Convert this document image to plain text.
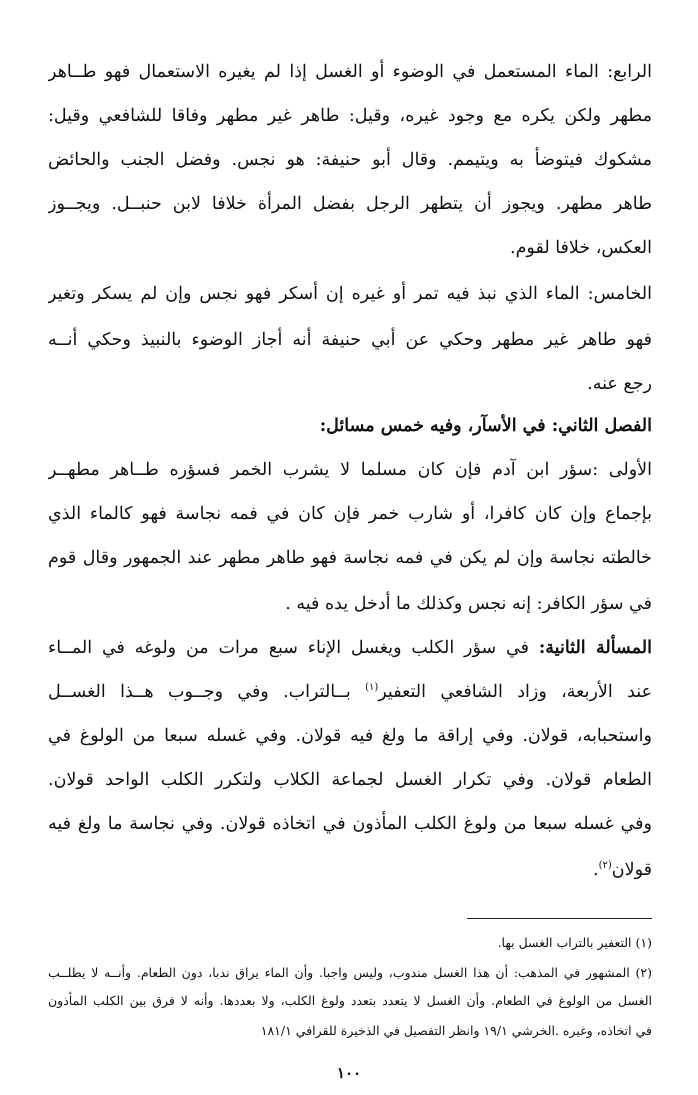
الرابع: الماء المستعمل في الوضوء أو الغسل إذا لم يغيره الاستعمال فهو طــاهر
مطهر ولكن يكره مع وجود غيره، وقيل: طاهر غير مطهر وفاقا للشافعي وقيل:
مشكوك فيتوضأ به ويتيمم. وقال أبو حنيفة: هو نجس. وفضل الجنب والحائض
طاهر مطهر. ويجوز أن يتطهر الرجل بفضل المرأة خلافا لابن حنبــل. ويجــوز
العكس، خلافا لقوم.
الخامس: الماء الذي نبذ فيه تمر أو غيره إن أسكر فهو نجس وإن لم يسكر وتغير
فهو طاهر غير مطهر وحكي عن أبي حنيفة أنه أجاز الوضوء بالنبيذ وحكي أنــه
رجع عنه.
الفصل الثاني: في الأسآر، وفيه خمس مسائل:
الأولى :سؤر ابن آدم فإن كان مسلما لا يشرب الخمر فسؤره طــاهر مطهــر
بإجماع وإن كان كافرا، أو شارب خمر فإن كان في فمه نجاسة فهو كالماء الذي
خالطته نجاسة وإن لم يكن في فمه نجاسة فهو طاهر مطهر عند الجمهور وقال قوم
في سؤر الكافر: إنه نجس وكذلك ما أدخل يده فيه .
المسألة الثانية: في سؤر الكلب ويغسل الإناء سبع مرات من ولوغه في المــاء
عند الأربعة، وزاد الشافعي التعفير$^{(١)}$ بــالتراب. وفي وجــوب هــذا الغســل
واستحبابه، قولان. وفي إراقة ما ولغ فيه قولان. وفي غسله سبعا من الولوغ في
الطعام قولان. وفي تكرار الغسل لجماعة الكلاب ولتكرر الكلب الواحد قولان.
وفي غسله سبعا من ولوغ الكلب المأذون في اتخاذه قولان. وفي نجاسة ما ولغ فيه
قولان$^{(٢)}$.
(١) التعفير بالتراب الغسل بها.
(٢) المشهور في المذهب: أن هذا الغسل مندوب، وليس واجبا. وأن الماء يراق ندبا، دون الطعام. وأنــه لا يطلــب
الغسل من الولوغ في الطعام. وأن الغسل لا يتعدد بتعدد ولوغ الكلب، ولا بعددها. وأنه لا فرق بين الكلب المأذون
في اتخاذه، وغيره .الخرشي ١٩/١ وانظر التفصيل في الذخيرة للقرافي ١٨١/١
١٠٠
